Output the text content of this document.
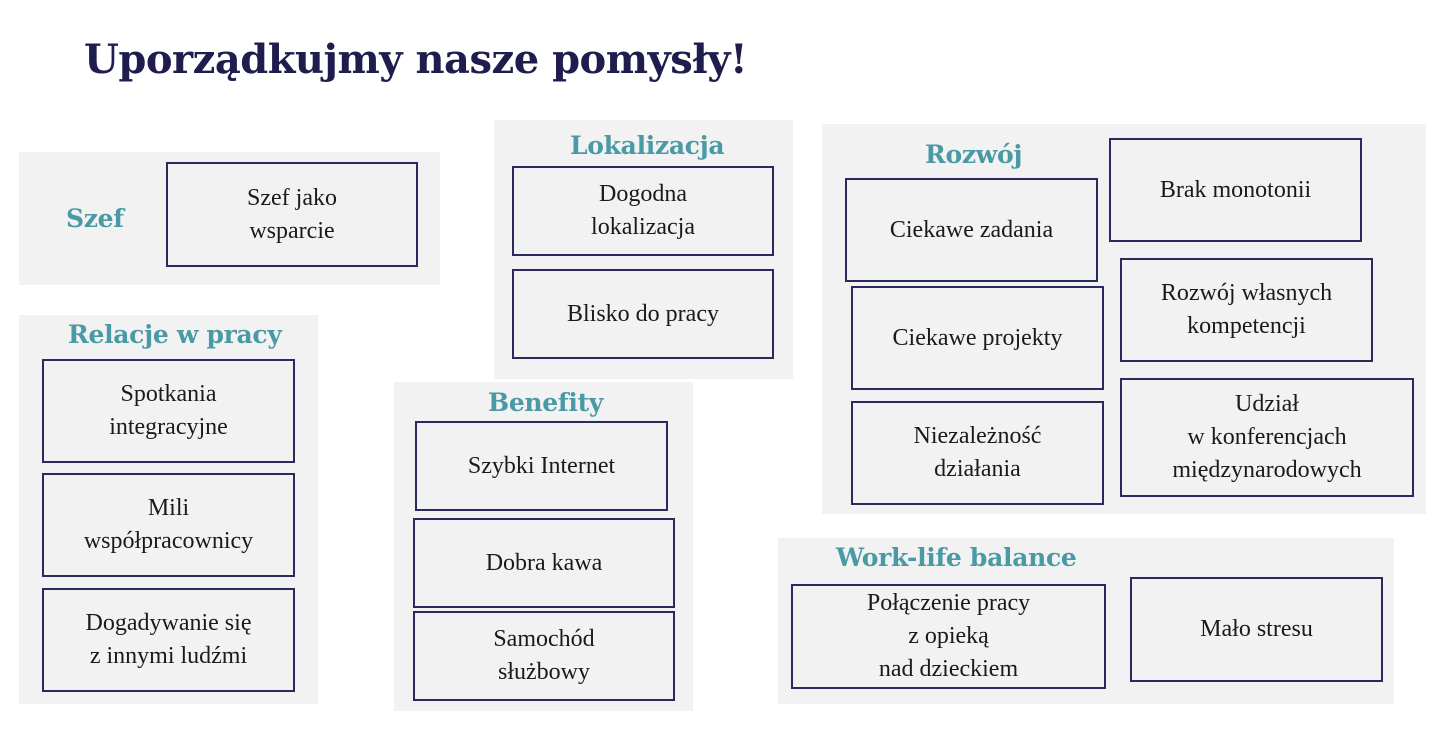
Uporządkujmy nasze pomysły!
Szef
Szef jako
wsparcie
Relacje w pracy
Spotkania
integracyjne
Mili
współpracownicy
Dogadywanie się
z innymi ludźmi
Lokalizacja
Dogodna
lokalizacja
Blisko do pracy
Benefity
Szybki Internet
Dobra kawa
Samochód
służbowy
Rozwój
Ciekawe zadania
Ciekawe projekty
Niezależność
działania
Brak monotonii
Rozwój własnych
kompetencji
Udział
w konferencjach
międzynarodowych
Work-life balance
Połączenie pracy
z opieką
nad dzieckiem
Mało stresu
